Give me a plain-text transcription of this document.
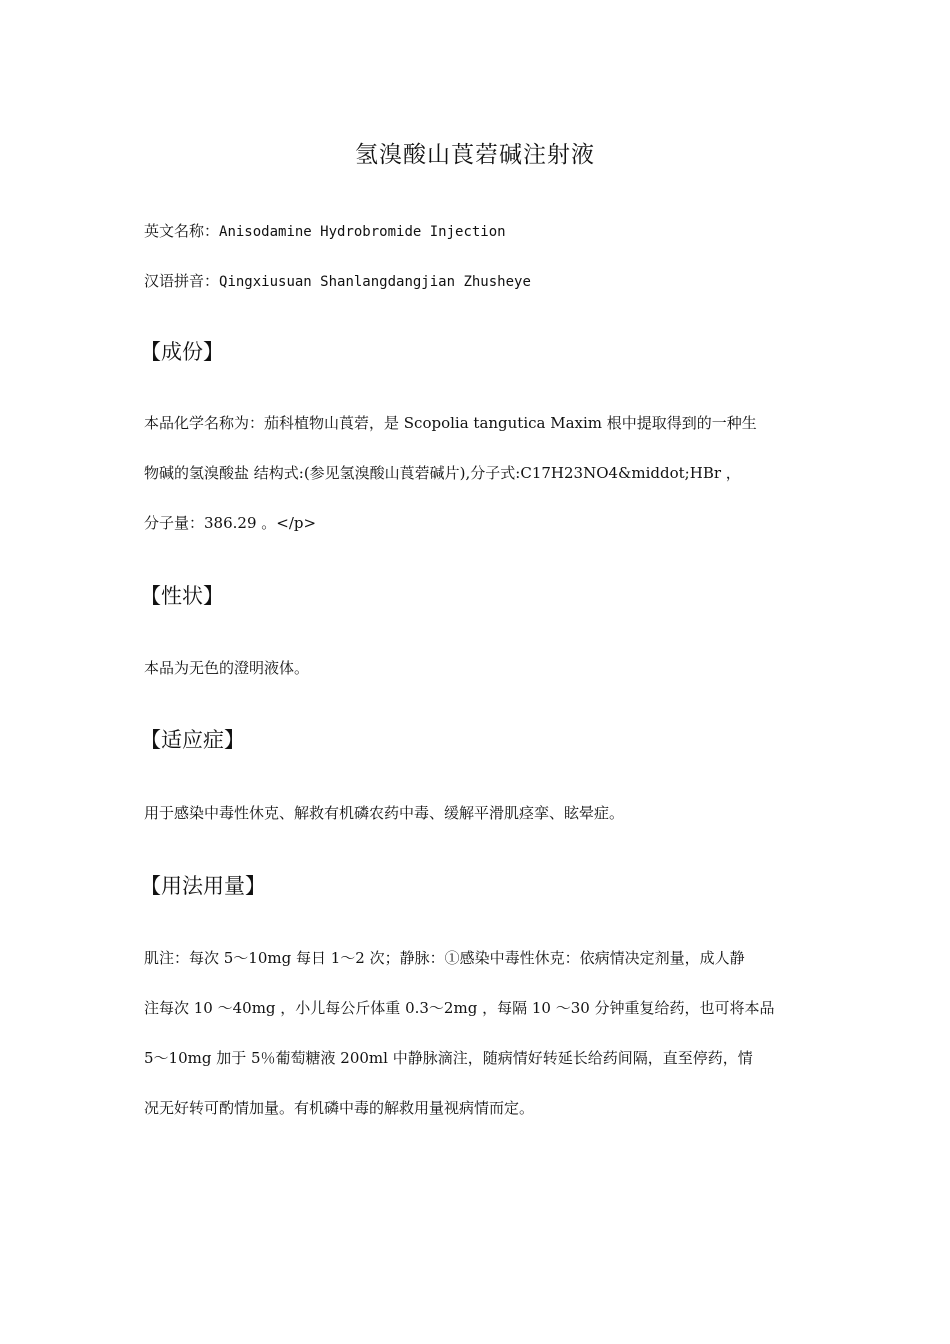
氢溴酸山莨菪碱注射液
英文名称：Anisodamine Hydrobromide Injection
汉语拼音：Qingxiusuan Shanlangdangjian Zhusheye
【成份】
本品化学名称为：茄科植物山莨菪，是 Scopolia tangutica Maxim 根中提取得到的一种生
物碱的氢溴酸盐 结构式:(参见氢溴酸山莨菪碱片),分子式:C17H23NO4&middot;HBr ，
分子量：386.29 。</p>
【性状】
本品为无色的澄明液体。
【适应症】
用于感染中毒性休克、解救有机磷农药中毒、缓解平滑肌痉挛、眩晕症。
【用法用量】
肌注：每次 5～10mg 每日 1～2 次；静脉：①感染中毒性休克：依病情决定剂量，成人静
注每次 10 ～40mg ，小儿每公斤体重 0.3～2mg ，每隔 10 ～30 分钟重复给药，也可将本品
5～10mg 加于 5％葡萄糖液 200ml 中静脉滴注，随病情好转延长给药间隔，直至停药，情
况无好转可酌情加量。有机磷中毒的解救用量视病情而定。
